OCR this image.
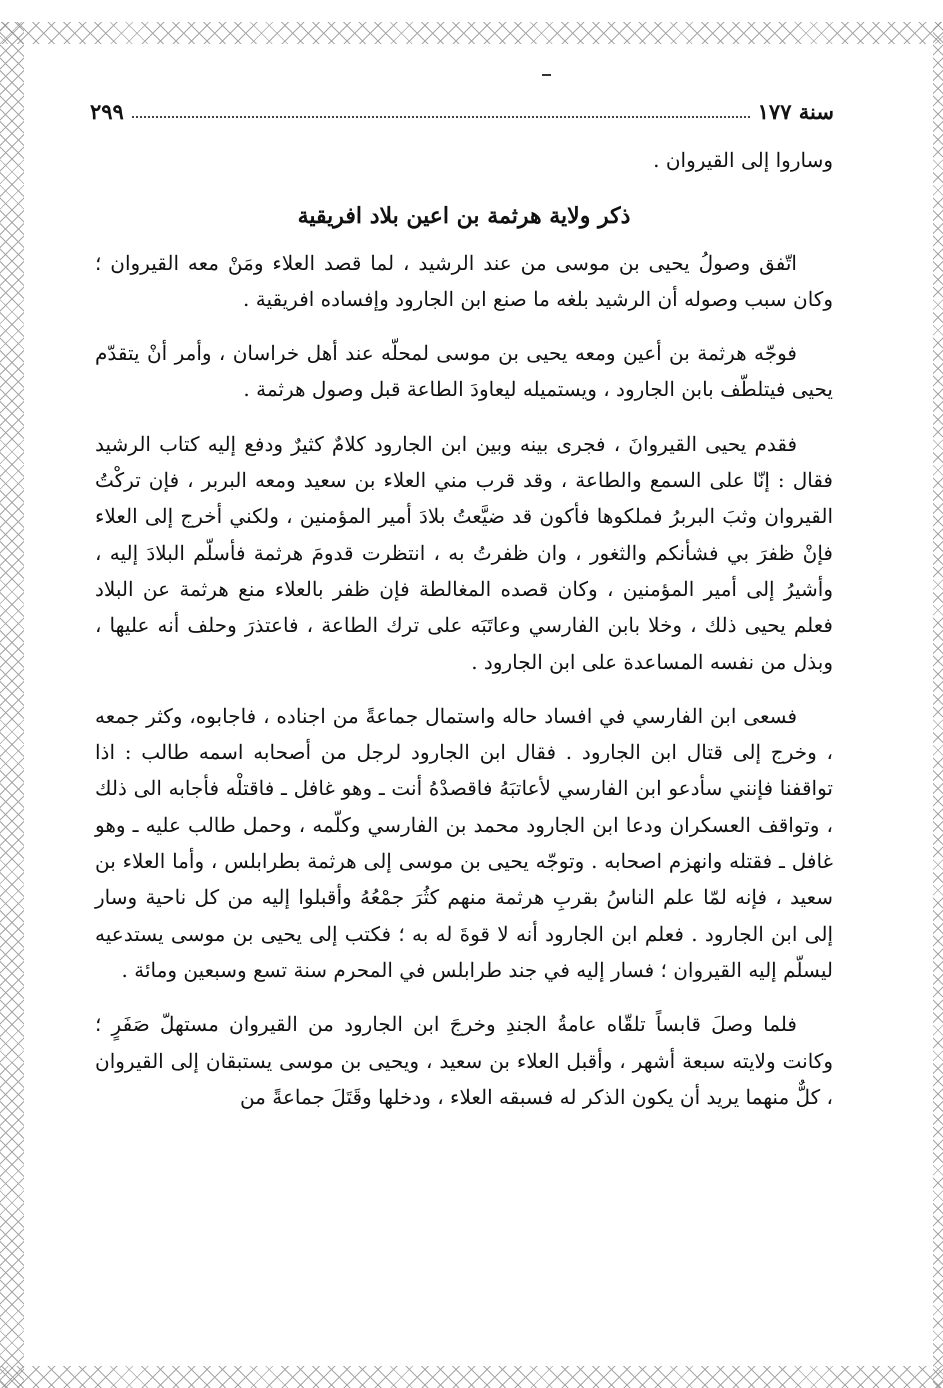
سنة ١٧٧
٢٩٩

وساروا إلى القيروان .

ذكر ولاية هرثمة بن اعين بلاد افريقية

اتّفق وصولُ يحيى بن موسى من عند الرشيد ، لما قصد العلاء ومَنْ معه القيروان ؛ وكان سبب وصوله أن الرشيد بلغه ما صنع ابن الجارود وإفساده افريقية .

فوجّه هرثمة بن أعين ومعه يحيى بن موسى لمحلّه عند أهل خراسان ، وأمر أنْ يتقدّم يحيى فيتلطّف بابن الجارود ، ويستميله ليعاودَ الطاعة قبل وصول هرثمة .

فقدم يحيى القيروانَ ، فجرى بينه وبين ابن الجارود كلامٌ كثيرٌ ودفع إليه كتاب الرشيد فقال : إنّا على السمع والطاعة ، وقد قرب مني العلاء بن سعيد ومعه البربر ، فإن تركْتُ القيروان وثبَ البربرُ فملكوها فأكون قد ضيَّعتُ بلادَ أمير المؤمنين ، ولكني أخرج إلى العلاء فإنْ ظفرَ بي فشأنكم والثغور ، وان ظفرتُ به ، انتظرت قدومَ هرثمة فأسلّم البلادَ إليه ، وأشيرُ إلى أمير المؤمنين ، وكان قصده المغالطة فإن ظفر بالعلاء منع هرثمة عن البلاد فعلم يحيى ذلك ، وخلا بابن الفارسي وعاتَبَه على ترك الطاعة ، فاعتذرَ وحلف أنه عليها ، وبذل من نفسه المساعدة على ابن الجارود .

فسعى ابن الفارسي في افساد حاله واستمال جماعةً من اجناده ، فاجابوه، وكثر جمعه ، وخرج إلى قتال ابن الجارود . فقال ابن الجارود لرجل من أصحابه اسمه طالب : اذا تواقفنا فإنني سأدعو ابن الفارسي لأعاتبَهُ فاقصدْهُ أنت ـ وهو غافل ـ فاقتلْه فأجابه الى ذلك ، وتواقف العسكران ودعا ابن الجارود محمد بن الفارسي وكلّمه ، وحمل طالب عليه ـ وهو غافل ـ فقتله وانهزم اصحابه . وتوجّه يحيى بن موسى إلى هرثمة بطرابلس ، وأما العلاء بن سعيد ، فإنه لمّا علم الناسُ بقربِ هرثمة منهم كثُرَ جمْعُهُ وأقبلوا إليه من كل ناحية وسار إلى ابن الجارود . فعلم ابن الجارود أنه لا قوةَ له به ؛ فكتب إلى يحيى بن موسى يستدعيه ليسلّم إليه القيروان ؛ فسار إليه في جند طرابلس في المحرم سنة تسع وسبعين ومائة .

فلما وصلَ قابساً تلقّاه عامةُ الجندِ وخرجَ ابن الجارود من القيروان مستهلّ صَفَرٍ ؛ وكانت ولايته سبعة أشهر ، وأقبل العلاء بن سعيد ، ويحيى بن موسى يستبقان إلى القيروان ، كلٌّ منهما يريد أن يكون الذكر له فسبقه العلاء ، ودخلها وقَتَلَ جماعةً من
